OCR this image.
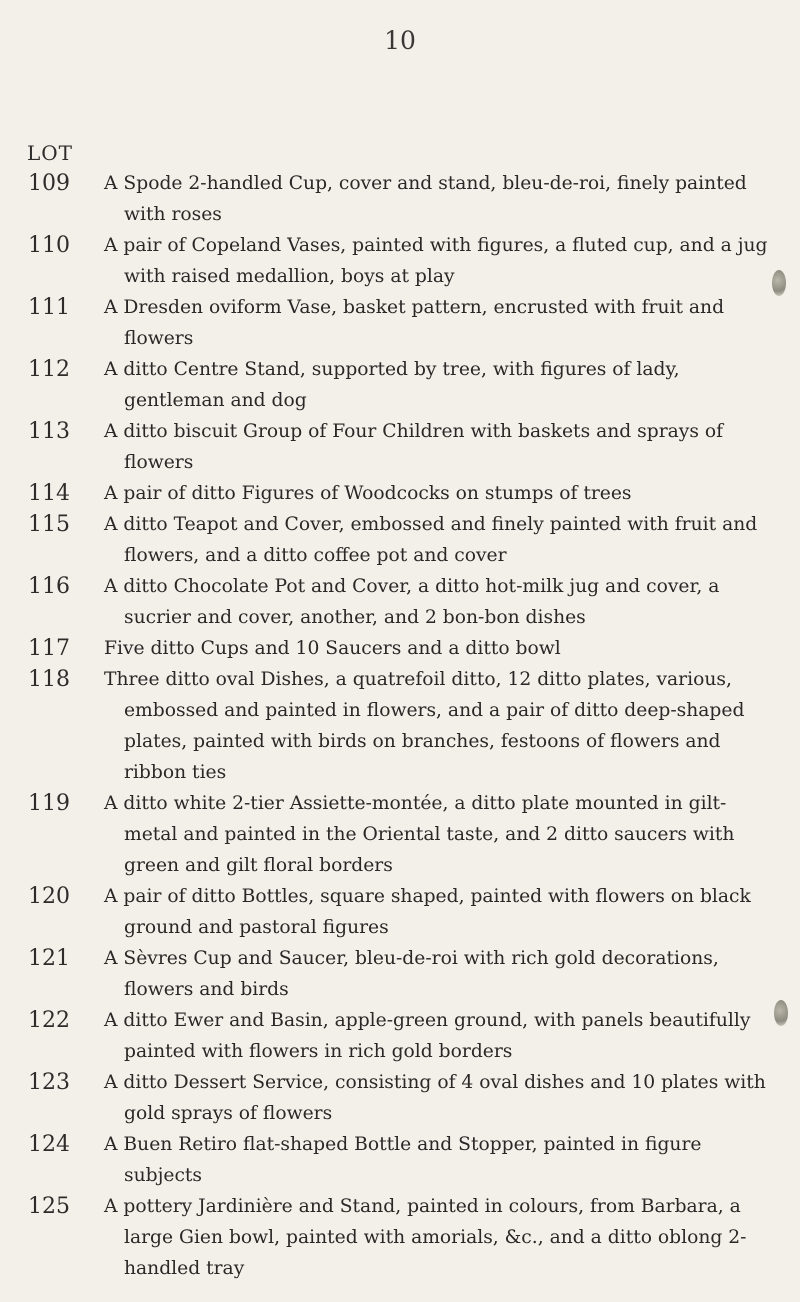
10
LOT
109 A Spode 2-handled Cup, cover and stand, bleu-de-roi, finely painted with roses
110 A pair of Copeland Vases, painted with figures, a fluted cup, and a jug with raised medallion, boys at play
111 A Dresden oviform Vase, basket pattern, encrusted with fruit and flowers
112 A ditto Centre Stand, supported by tree, with figures of lady, gentleman and dog
113 A ditto biscuit Group of Four Children with baskets and sprays of flowers
114 A pair of ditto Figures of Woodcocks on stumps of trees
115 A ditto Teapot and Cover, embossed and finely painted with fruit and flowers, and a ditto coffee pot and cover
116 A ditto Chocolate Pot and Cover, a ditto hot-milk jug and cover, a sucrier and cover, another, and 2 bon-bon dishes
117 Five ditto Cups and 10 Saucers and a ditto bowl
118 Three ditto oval Dishes, a quatrefoil ditto, 12 ditto plates, various, embossed and painted in flowers, and a pair of ditto deep-shaped plates, painted with birds on branches, festoons of flowers and ribbon ties
119 A ditto white 2-tier Assiette-montée, a ditto plate mounted in gilt-metal and painted in the Oriental taste, and 2 ditto saucers with green and gilt floral borders
120 A pair of ditto Bottles, square shaped, painted with flowers on black ground and pastoral figures
121 A Sèvres Cup and Saucer, bleu-de-roi with rich gold decorations, flowers and birds
122 A ditto Ewer and Basin, apple-green ground, with panels beautifully painted with flowers in rich gold borders
123 A ditto Dessert Service, consisting of 4 oval dishes and 10 plates with gold sprays of flowers
124 A Buen Retiro flat-shaped Bottle and Stopper, painted in figure subjects
125 A pottery Jardinière and Stand, painted in colours, from Barbara, a large Gien bowl, painted with amorials, &c., and a ditto oblong 2-handled tray
